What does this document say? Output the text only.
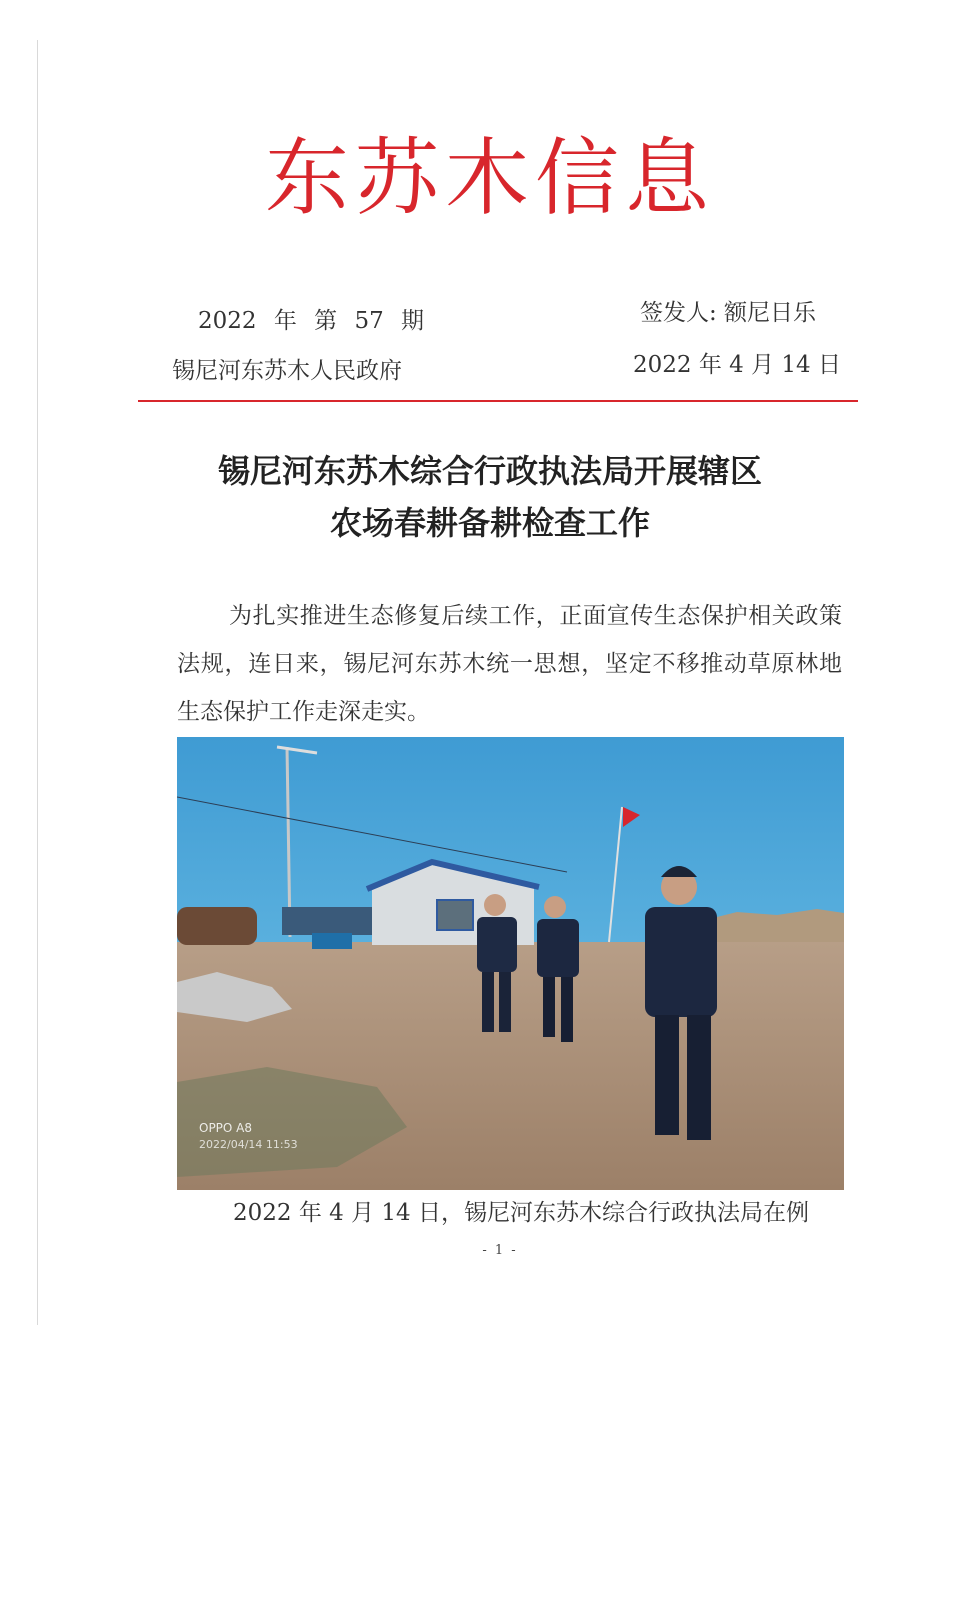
东苏木信息
2022 年 第 57 期
锡尼河东苏木人民政府
签发人: 额尼日乐
2022 年 4 月 14 日
锡尼河东苏木综合行政执法局开展辖区
农场春耕备耕检查工作
为扎实推进生态修复后续工作，正面宣传生态保护相关政策法规，连日来，锡尼河东苏木统一思想，坚定不移推动草原林地生态保护工作走深走实。
OPPO A8
2022/04/14 11:53
2022 年 4 月 14 日，锡尼河东苏木综合行政执法局在例
- 1 -
